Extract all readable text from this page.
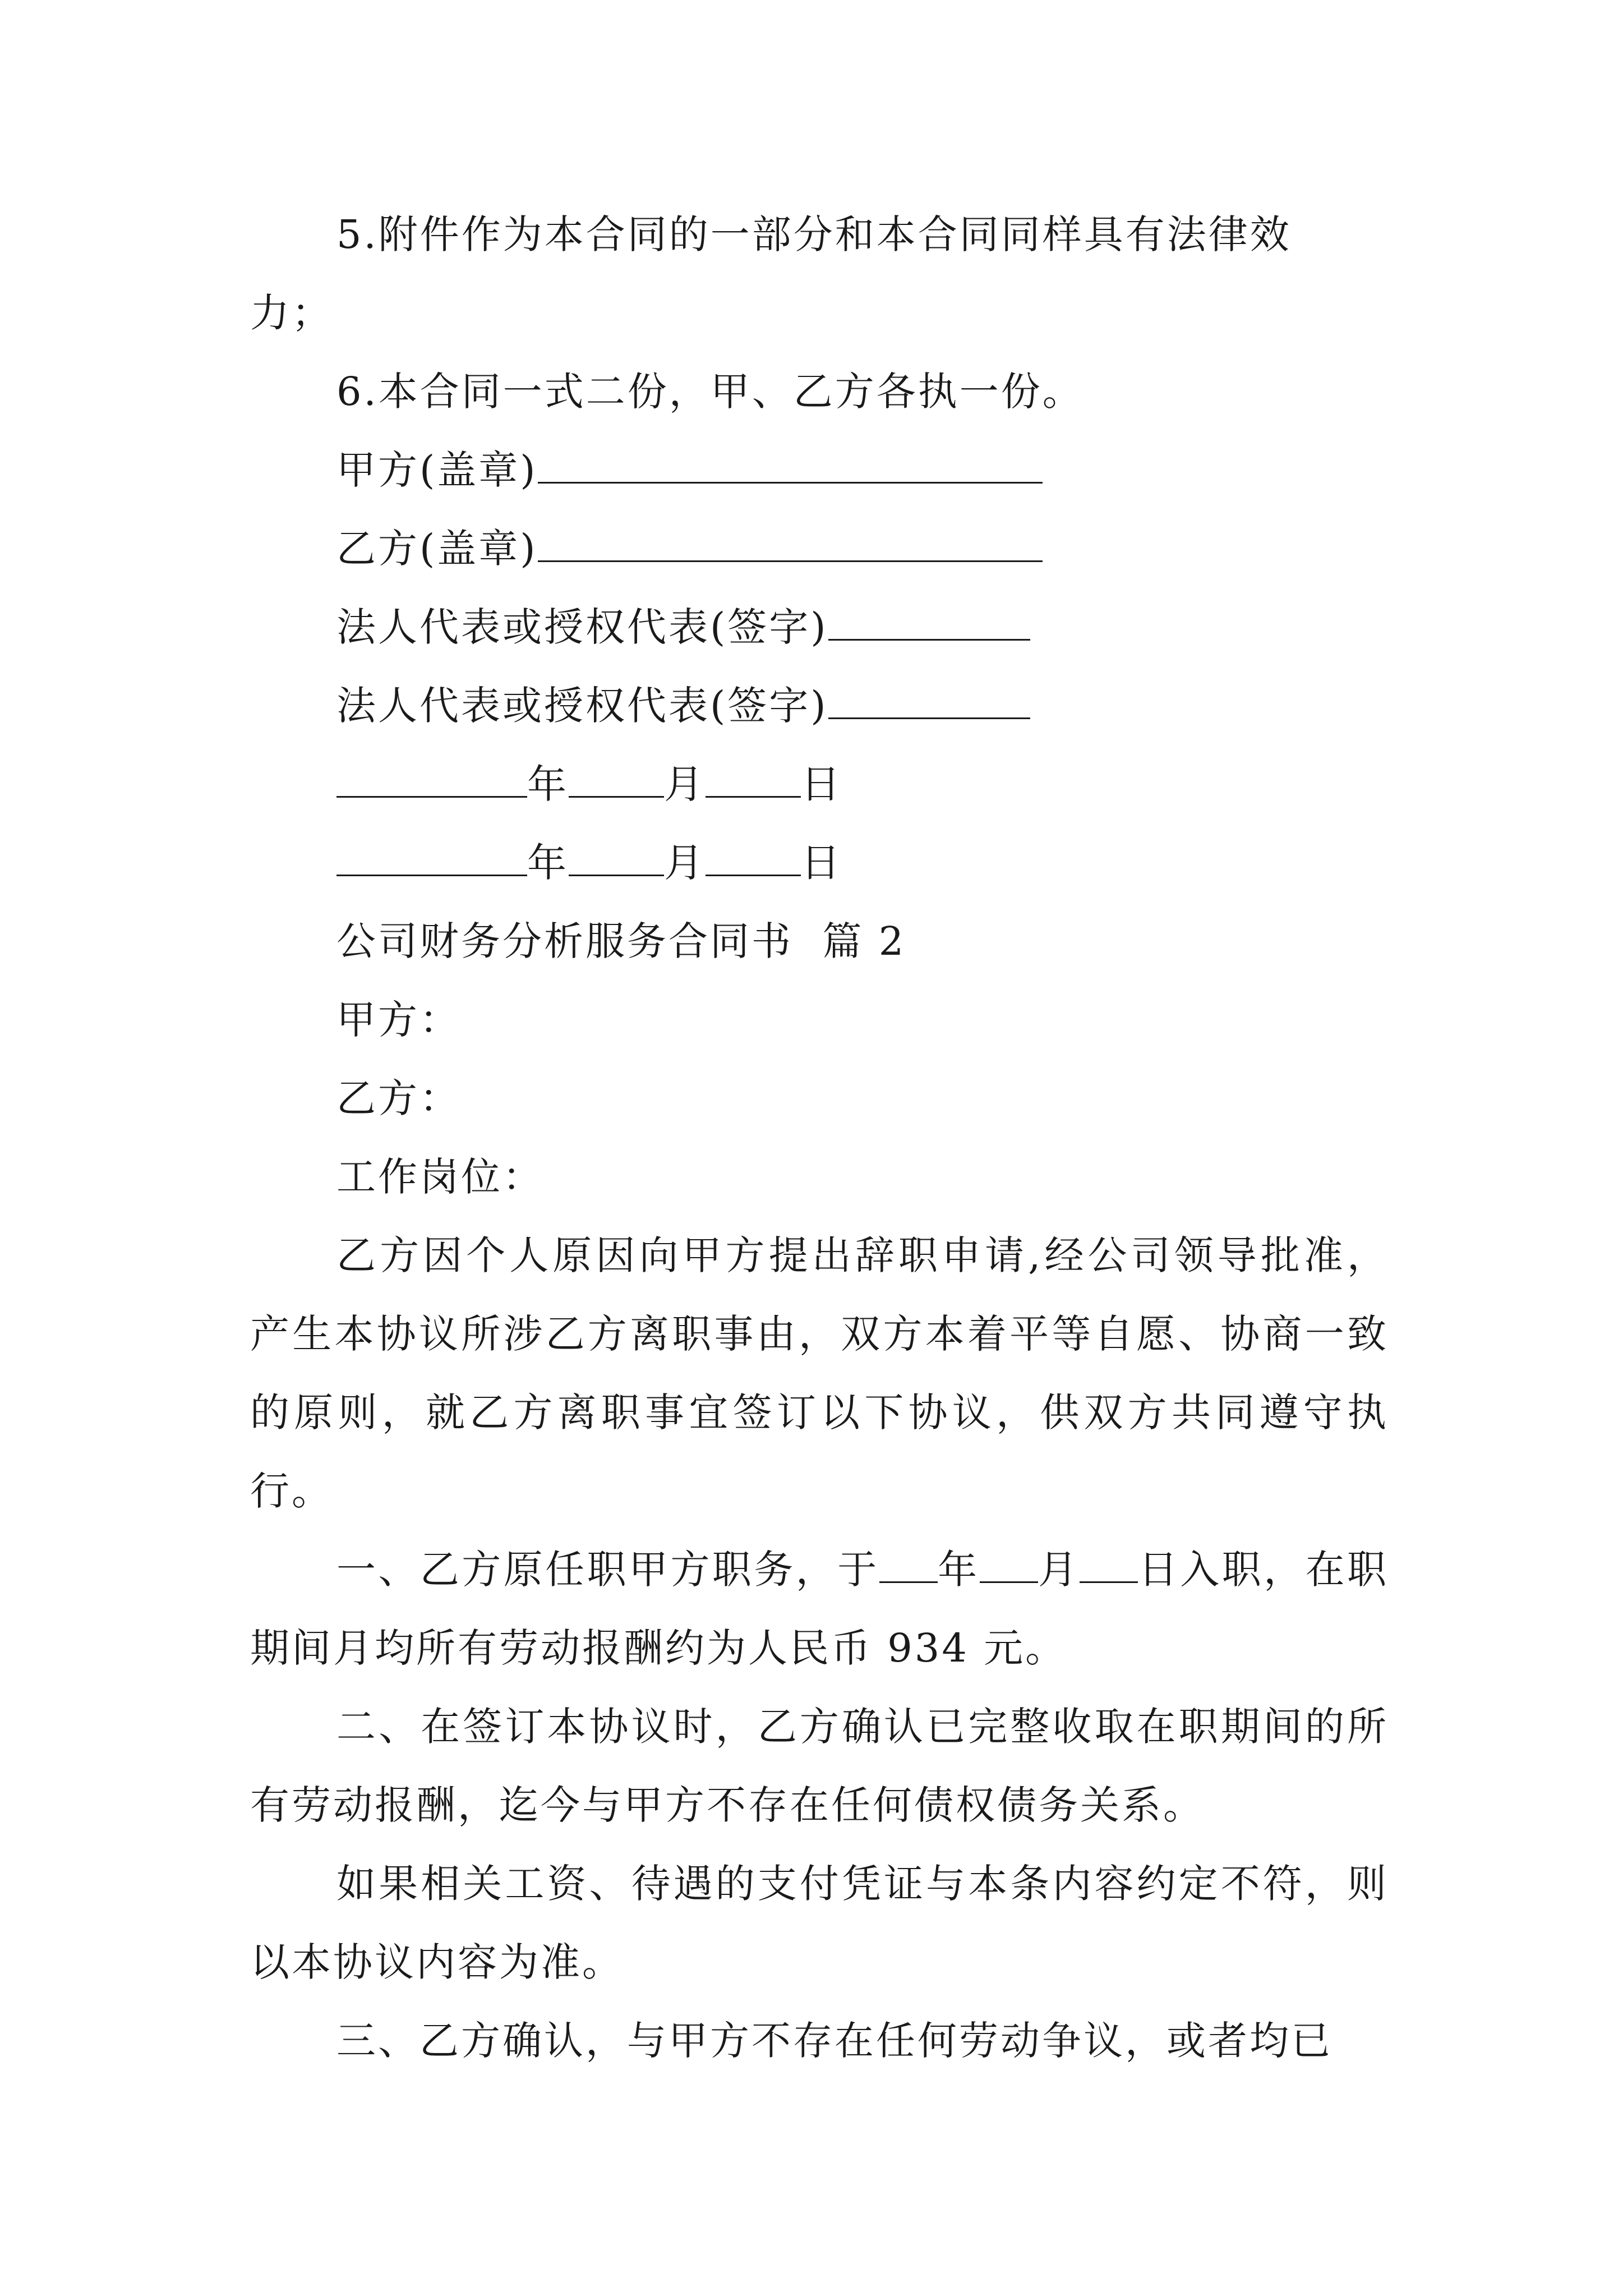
5.附件作为本合同的一部分和本合同同样具有法律效
力；
6.本合同一式二份，甲、乙方各执一份。
甲方(盖章)
乙方(盖章)
法人代表或授权代表(签字)
法人代表或授权代表(签字)
年 月 日
年 月 日
公司财务分析服务合同书  篇 2
甲方：
乙方：
工作岗位：
乙方因个人原因向甲方提出辞职申请,经公司领导批准，产生本协议所涉乙方离职事由，双方本着平等自愿、协商一致的原则，就乙方离职事宜签订以下协议，供双方共同遵守执行。
一、乙方原任职甲方职务，于 年 月 日入职，在职期间月均所有劳动报酬约为人民币 934 元。
二、在签订本协议时，乙方确认已完整收取在职期间的所有劳动报酬，迄今与甲方不存在任何债权债务关系。
如果相关工资、待遇的支付凭证与本条内容约定不符，则以本协议内容为准。
三、乙方确认，与甲方不存在任何劳动争议，或者均已
